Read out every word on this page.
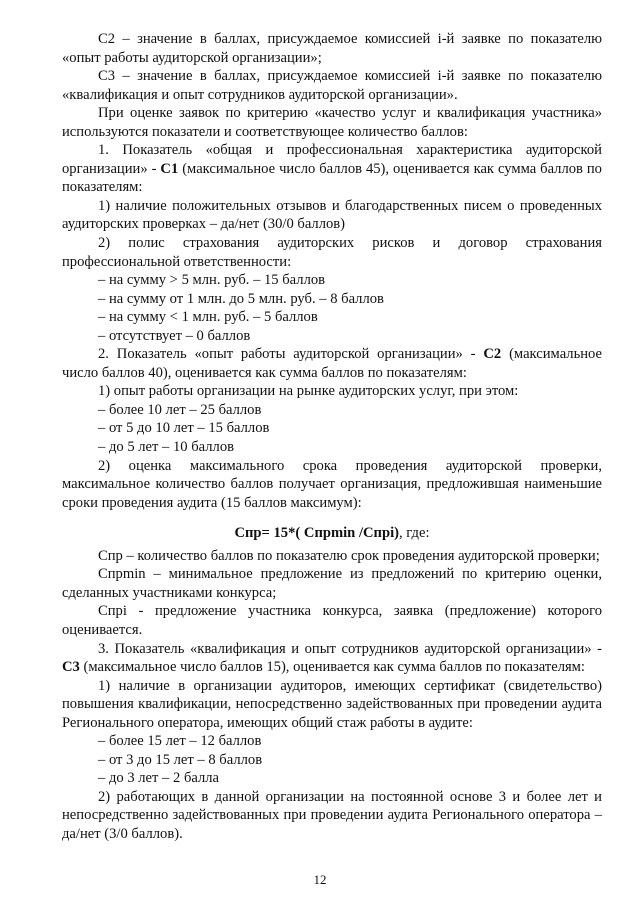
С2 – значение в баллах, присуждаемое комиссией i-й заявке по показателю «опыт работы аудиторской организации»;

С3 – значение в баллах, присуждаемое комиссией i-й заявке по показателю «квалификация и опыт сотрудников аудиторской организации».

При оценке заявок по критерию «качество услуг и квалификация участника» используются показатели и соответствующее количество баллов:

1. Показатель «общая и профессиональная характеристика аудиторской организации» - С1 (максимальное число баллов 45), оценивается как сумма баллов по показателям:

1) наличие положительных отзывов и благодарственных писем о проведенных аудиторских проверках – да/нет (30/0 баллов)

2) полис страхования аудиторских рисков и договор страхования профессиональной ответственности:

– на сумму > 5 млн. руб. – 15 баллов

– на сумму от 1 млн. до 5 млн. руб. – 8 баллов

– на сумму < 1 млн. руб. – 5 баллов

– отсутствует – 0 баллов

2. Показатель «опыт работы аудиторской организации» - С2 (максимальное число баллов 40), оценивается как сумма баллов по показателям:

1) опыт работы организации на рынке аудиторских услуг, при этом:

– более 10 лет – 25 баллов

– от 5 до 10 лет – 15 баллов

– до 5 лет – 10 баллов

2) оценка максимального срока проведения аудиторской проверки, максимальное количество баллов получает организация, предложившая наименьшие сроки проведения аудита (15 баллов максимум):

Спр= 15*( Спрmin /Спрi), где:

Спр – количество баллов по показателю срок проведения аудиторской проверки;

Спрmin – минимальное предложение из предложений по критерию оценки, сделанных участниками конкурса;

Спрi - предложение участника конкурса, заявка (предложение) которого оценивается.

3. Показатель «квалификация и опыт сотрудников аудиторской организации» - С3 (максимальное число баллов 15), оценивается как сумма баллов по показателям:

1) наличие в организации аудиторов, имеющих сертификат (свидетельство) повышения квалификации, непосредственно задействованных при проведении аудита Регионального оператора, имеющих общий стаж работы в аудите:

– более 15 лет – 12 баллов

– от 3 до 15 лет – 8 баллов

– до 3 лет – 2 балла

2) работающих в данной организации на постоянной основе 3 и более лет и непосредственно задействованных при проведении аудита Регионального оператора – да/нет (3/0 баллов).

12
